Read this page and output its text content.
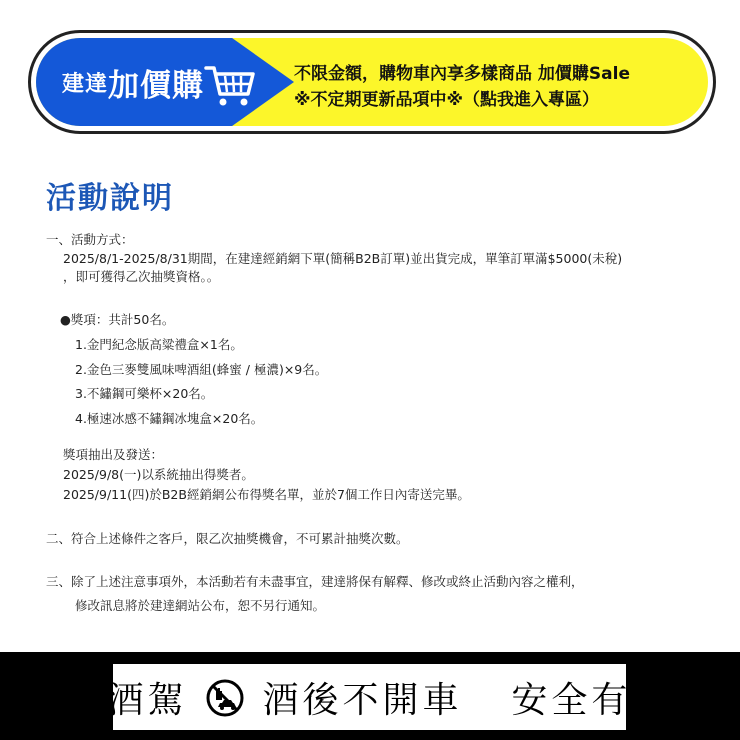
建達 加價購	不限金額，購物車內享多樣商品 加價購Sale
※不定期更新品項中※（點我進入專區）
活動說明
一、活動方式：
2025/8/1-2025/8/31期間，在建達經銷網下單(簡稱B2B訂單)並出貨完成，單筆訂單滿$5000(未稅)
，即可獲得乙次抽獎資格。。
●獎項：共計50名。
1.金門紀念版高粱禮盒×1名。
2.金色三麥雙風味啤酒組(蜂蜜 / 極濃)×9名。
3.不鏽鋼可樂杯×20名。
4.極速冰感不鏽鋼冰塊盒×20名。
獎項抽出及發送：
2025/9/8(一)以系統抽出得獎者。
2025/9/11(四)於B2B經銷網公布得獎名單，並於7個工作日內寄送完畢。
二、符合上述條件之客戶，限乙次抽獎機會，不可累計抽獎次數。
三、除了上述注意事項外，本活動若有未盡事宜，建達將保有解釋、修改或終止活動內容之權利，
修改訊息將於建達網站公布，恕不另行通知。
禁止酒駕 酒後不開車 安全有保障
